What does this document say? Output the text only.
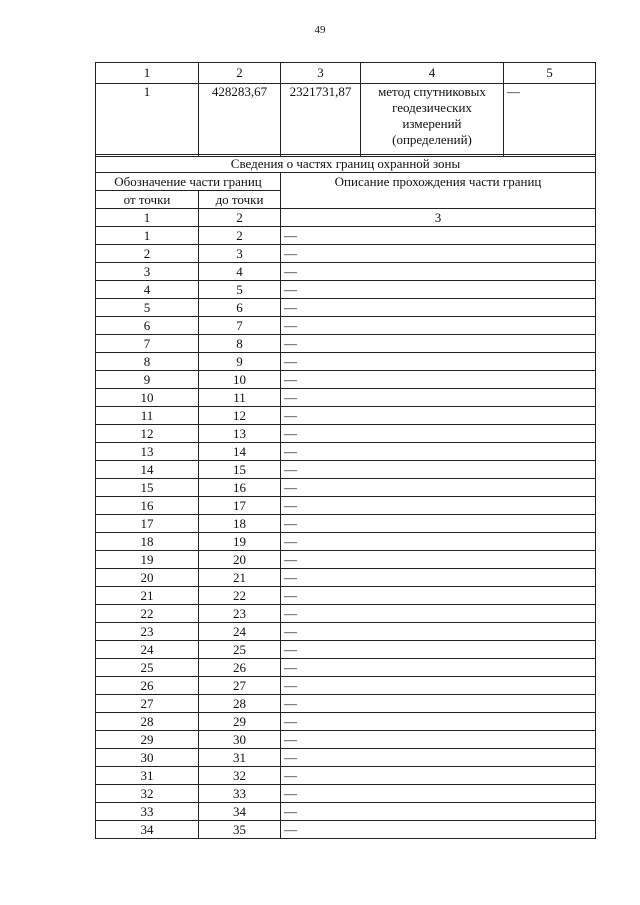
49
1	2	3	4	5
1	428283,67	2321731,87	метод спутниковых геодезических измерений (определений)	—
Сведения о частях границ охранной зоны		
Обозначение части границ		Описание прохождения части границ
от точки	до точки	
1	2	3
1	2	—
2	3	—
3	4	—
4	5	—
5	6	—
6	7	—
7	8	—
8	9	—
9	10	—
10	11	—
11	12	—
12	13	—
13	14	—
14	15	—
15	16	—
16	17	—
17	18	—
18	19	—
19	20	—
20	21	—
21	22	—
22	23	—
23	24	—
24	25	—
25	26	—
26	27	—
27	28	—
28	29	—
29	30	—
30	31	—
31	32	—
32	33	—
33	34	—
34	35	—
